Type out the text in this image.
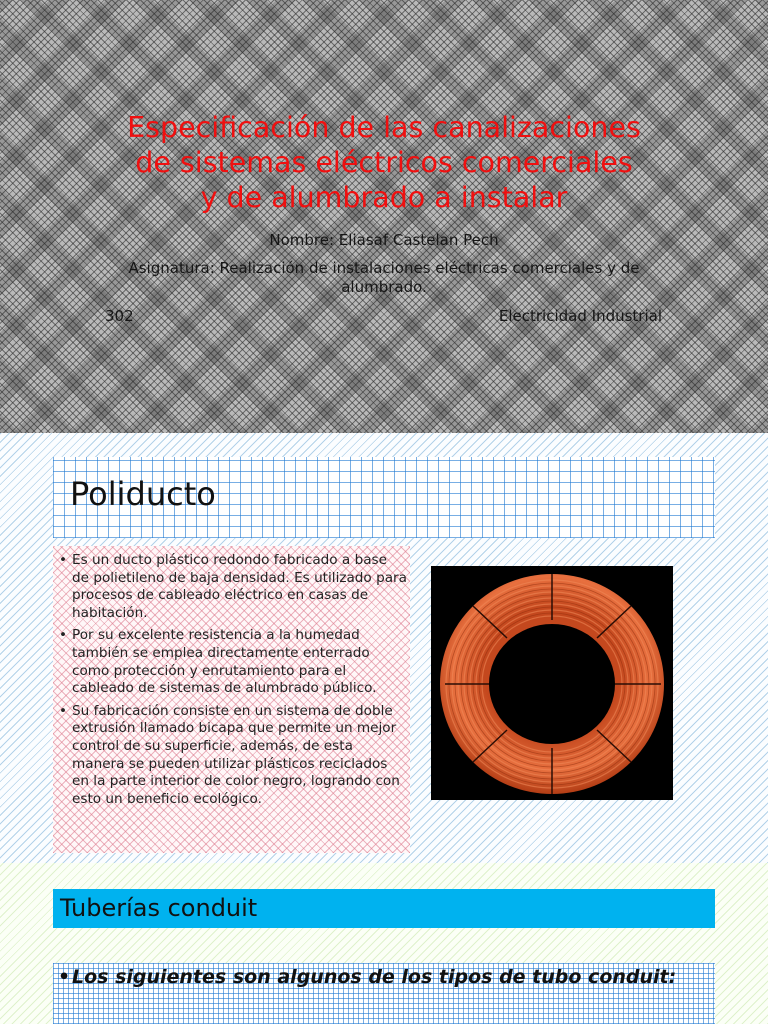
Especificación de las canalizaciones
de sistemas eléctricos comerciales
y de alumbrado a instalar
Nombre: Eliasaf Castelan Pech
Asignatura: Realización de instalaciones eléctricas comerciales y de alumbrado.
302	Electricidad Industrial
Poliducto
• Es un ducto plástico redondo fabricado a base de polietileno de baja densidad. Es utilizado para procesos de cableado eléctrico en casas de habitación.
• Por su excelente resistencia a la humedad también se emplea directamente enterrado como protección y enrutamiento para el cableado de sistemas de alumbrado público.
• Su fabricación consiste en un sistema de doble extrusión llamado bicapa que permite un mejor control de su superficie, además, de esta manera se pueden utilizar plásticos reciclados en la parte interior de color negro, logrando con esto un beneficio ecológico.
Tuberías conduit
• Los siguientes son algunos de los tipos de tubo conduit:
